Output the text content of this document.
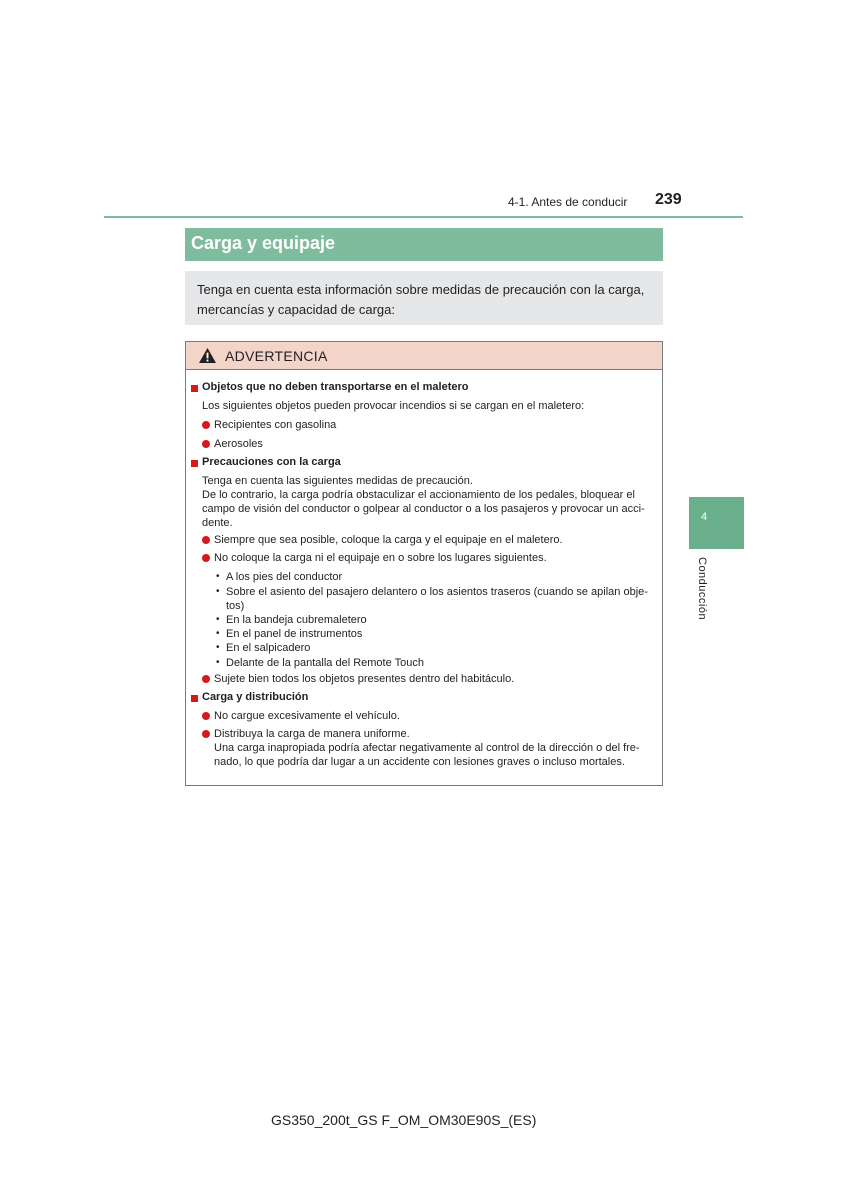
4-1. Antes de conducir 239
4
Conducción
Carga y equipaje
Tenga en cuenta esta información sobre medidas de precaución con la carga,
mercancías y capacidad de carga:
ADVERTENCIA
Objetos que no deben transportarse en el maletero
Los siguientes objetos pueden provocar incendios si se cargan en el maletero:
Recipientes con gasolina
Aerosoles
Precauciones con la carga
Tenga en cuenta las siguientes medidas de precaución.
De lo contrario, la carga podría obstaculizar el accionamiento de los pedales, bloquear el
campo de visión del conductor o golpear al conductor o a los pasajeros y provocar un acci-
dente.
Siempre que sea posible, coloque la carga y el equipaje en el maletero.
No coloque la carga ni el equipaje en o sobre los lugares siguientes.
• A los pies del conductor
• Sobre el asiento del pasajero delantero o los asientos traseros (cuando se apilan obje-
tos)
• En la bandeja cubremaletero
• En el panel de instrumentos
• En el salpicadero
• Delante de la pantalla del Remote Touch
Sujete bien todos los objetos presentes dentro del habitáculo.
Carga y distribución
No cargue excesivamente el vehículo.
Distribuya la carga de manera uniforme.
Una carga inapropiada podría afectar negativamente al control de la dirección o del fre-
nado, lo que podría dar lugar a un accidente con lesiones graves o incluso mortales.
GS350_200t_GS F_OM_OM30E90S_(ES)
